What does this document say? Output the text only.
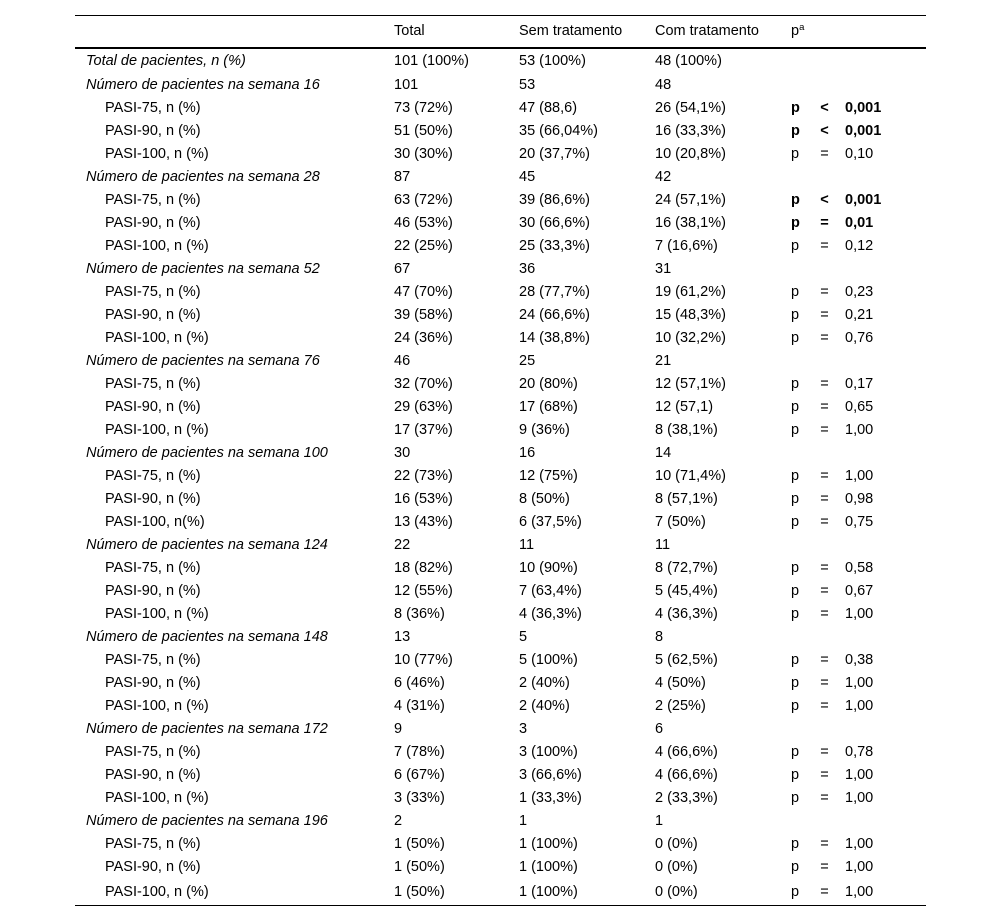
	Total	Sem tratamento	Com tratamento	$p^a$
Total de pacientes, n (%)	101 (100%)	53 (100%)	48 (100%)			
Número de pacientes na semana 16	101	53	48			
PASI-75, n (%)	73 (72%)	47 (88,6)	26 (54,1%)	p	<	0,001
PASI-90, n (%)	51 (50%)	35 (66,04%)	16 (33,3%)	p	<	0,001
PASI-100, n (%)	30 (30%)	20 (37,7%)	10 (20,8%)	p	=	0,10
Número de pacientes na semana 28	87	45	42			
PASI-75, n (%)	63 (72%)	39 (86,6%)	24 (57,1%)	p	<	0,001
PASI-90, n (%)	46 (53%)	30 (66,6%)	16 (38,1%)	p	=	0,01
PASI-100, n (%)	22 (25%)	25 (33,3%)	7 (16,6%)	p	=	0,12
Número de pacientes na semana 52	67	36	31			
PASI-75, n (%)	47 (70%)	28 (77,7%)	19 (61,2%)	p	=	0,23
PASI-90, n (%)	39 (58%)	24 (66,6%)	15 (48,3%)	p	=	0,21
PASI-100, n (%)	24 (36%)	14 (38,8%)	10 (32,2%)	p	=	0,76
Número de pacientes na semana 76	46	25	21			
PASI-75, n (%)	32 (70%)	20 (80%)	12 (57,1%)	p	=	0,17
PASI-90, n (%)	29 (63%)	17 (68%)	12 (57,1)	p	=	0,65
PASI-100, n (%)	17 (37%)	9 (36%)	8 (38,1%)	p	=	1,00
Número de pacientes na semana 100	30	16	14			
PASI-75, n (%)	22 (73%)	12 (75%)	10 (71,4%)	p	=	1,00
PASI-90, n (%)	16 (53%)	8 (50%)	8 (57,1%)	p	=	0,98
PASI-100, n(%)	13 (43%)	6 (37,5%)	7 (50%)	p	=	0,75
Número de pacientes na semana 124	22	11	11			
PASI-75, n (%)	18 (82%)	10 (90%)	8 (72,7%)	p	=	0,58
PASI-90, n (%)	12 (55%)	7 (63,4%)	5 (45,4%)	p	=	0,67
PASI-100, n (%)	8 (36%)	4 (36,3%)	4 (36,3%)	p	=	1,00
Número de pacientes na semana 148	13	5	8			
PASI-75, n (%)	10 (77%)	5 (100%)	5 (62,5%)	p	=	0,38
PASI-90, n (%)	6 (46%)	2 (40%)	4 (50%)	p	=	1,00
PASI-100, n (%)	4 (31%)	2 (40%)	2 (25%)	p	=	1,00
Número de pacientes na semana 172	9	3	6			
PASI-75, n (%)	7 (78%)	3 (100%)	4 (66,6%)	p	=	0,78
PASI-90, n (%)	6 (67%)	3 (66,6%)	4 (66,6%)	p	=	1,00
PASI-100, n (%)	3 (33%)	1 (33,3%)	2 (33,3%)	p	=	1,00
Número de pacientes na semana 196	2	1	1			
PASI-75, n (%)	1 (50%)	1 (100%)	0 (0%)	p	=	1,00
PASI-90, n (%)	1 (50%)	1 (100%)	0 (0%)	p	=	1,00
PASI-100, n (%)	1 (50%)	1 (100%)	0 (0%)	p	=	1,00
